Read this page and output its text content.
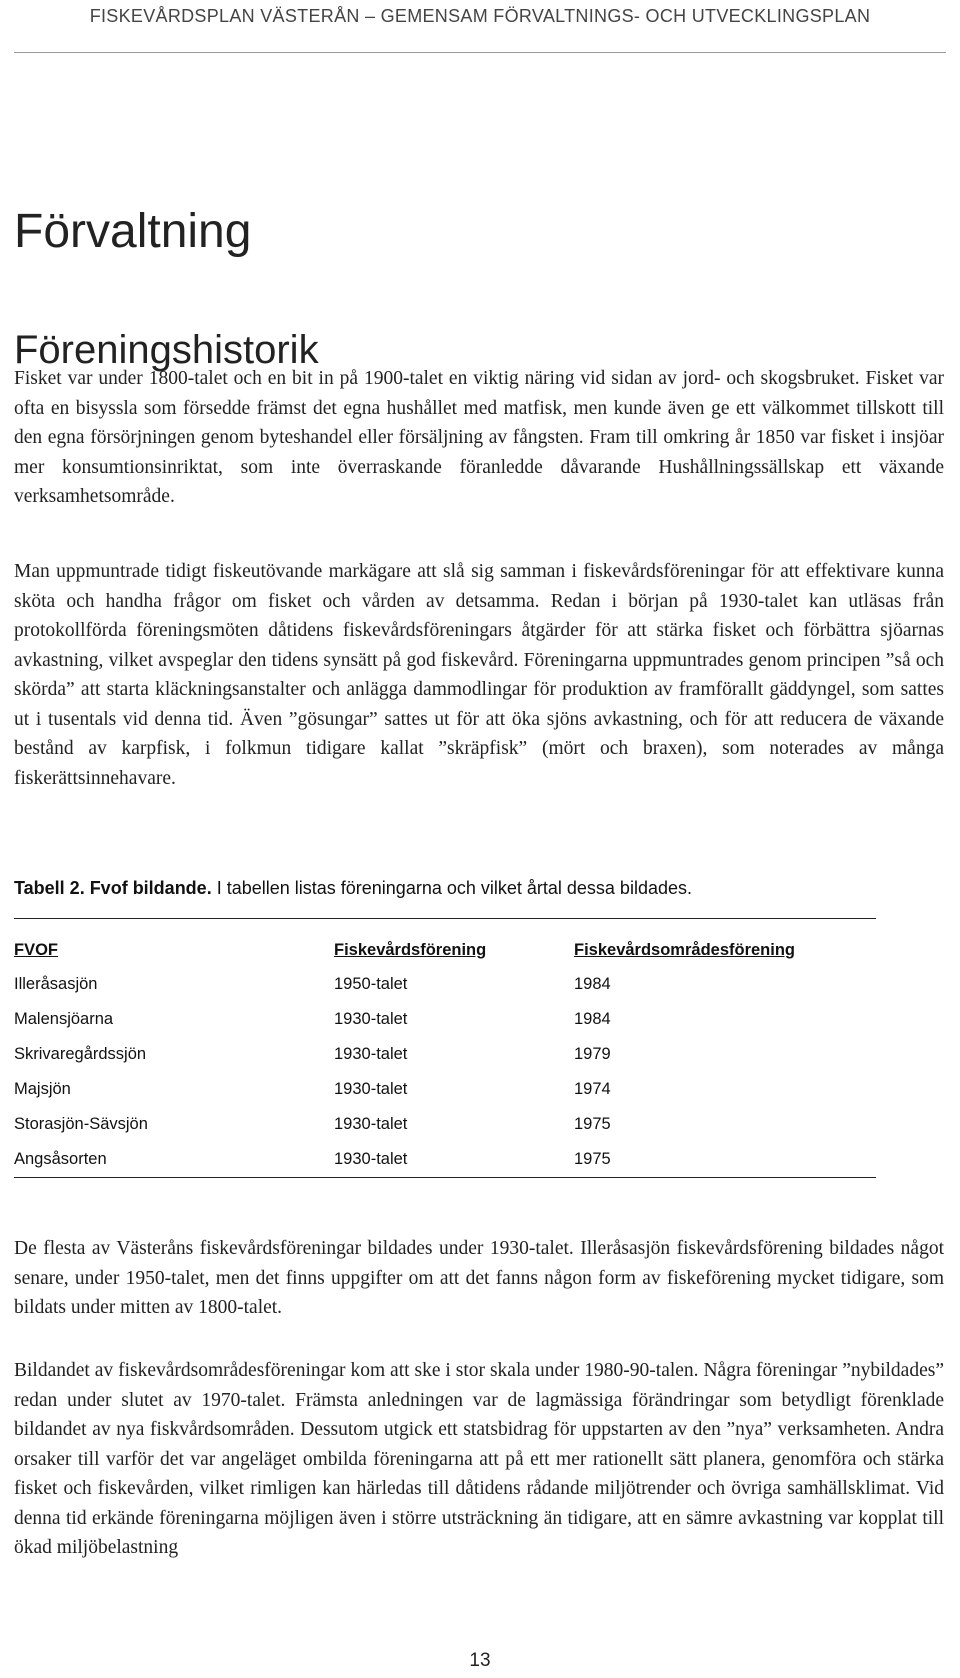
FISKEVÅRDSPLAN VÄSTERÅN – GEMENSAM FÖRVALTNINGS- OCH UTVECKLINGSPLAN
Förvaltning
Föreningshistorik

Fisket var under 1800-talet och en bit in på 1900-talet en viktig näring vid sidan av jord- och skogsbruket. Fisket var ofta en bisyssla som försedde främst det egna hushållet med matfisk, men kunde även ge ett välkommet tillskott till den egna försörjningen genom byteshandel eller försäljning av fångsten. Fram till omkring år 1850 var fisket i insjöar mer konsumtionsinriktat, som inte överraskande föranledde dåvarande Hushållningssällskap ett växande verksamhetsområde.

Man uppmuntrade tidigt fiskeutövande markägare att slå sig samman i fiskevårdsföreningar för att effektivare kunna sköta och handha frågor om fisket och vården av detsamma. Redan i början på 1930-talet kan utläsas från protokollförda föreningsmöten dåtidens fiskevårdsföreningars åtgärder för att stärka fisket och förbättra sjöarnas avkastning, vilket avspeglar den tidens synsätt på god fiskevård. Föreningarna uppmuntrades genom principen ”så och skörda” att starta kläckningsanstalter och anlägga dammodlingar för produktion av framförallt gäddyngel, som sattes ut i tusentals vid denna tid. Även ”gösungar” sattes ut för att öka sjöns avkastning, och för att reducera de växande bestånd av karpfisk, i folkmun tidigare kallat ”skräpfisk” (mört och braxen), som noterades av många fiskerättsinnehavare.

Tabell 2. Fvof bildande. I tabellen listas föreningarna och vilket årtal dessa bildades.

FVOF	Fiskevårdsförening	Fiskevårdsområdesförening
Illeråsasjön	1950-talet	1984
Malensjöarna	1930-talet	1984
Skrivaregårdssjön	1930-talet	1979
Majsjön	1930-talet	1974
Storasjön-Sävsjön	1930-talet	1975
Angsåsorten	1930-talet	1975

De flesta av Västeråns fiskevårdsföreningar bildades under 1930-talet. Illeråsasjön fiskevårdsförening bildades något senare, under 1950-talet, men det finns uppgifter om att det fanns någon form av fiskeförening mycket tidigare, som bildats under mitten av 1800-talet.

Bildandet av fiskevårdsområdesföreningar kom att ske i stor skala under 1980-90-talen. Några föreningar ”nybildades” redan under slutet av 1970-talet. Främsta anledningen var de lagmässiga förändringar som betydligt förenklade bildandet av nya fiskvårdsområden. Dessutom utgick ett statsbidrag för uppstarten av den ”nya” verksamheten. Andra orsaker till varför det var angeläget ombilda föreningarna att på ett mer rationellt sätt planera, genomföra och stärka fisket och fiskevården, vilket rimligen kan härledas till dåtidens rådande miljötrender och övriga samhällsklimat. Vid denna tid erkände föreningarna möjligen även i större utsträckning än tidigare, att en sämre avkastning var kopplat till ökad miljöbelastning

13
